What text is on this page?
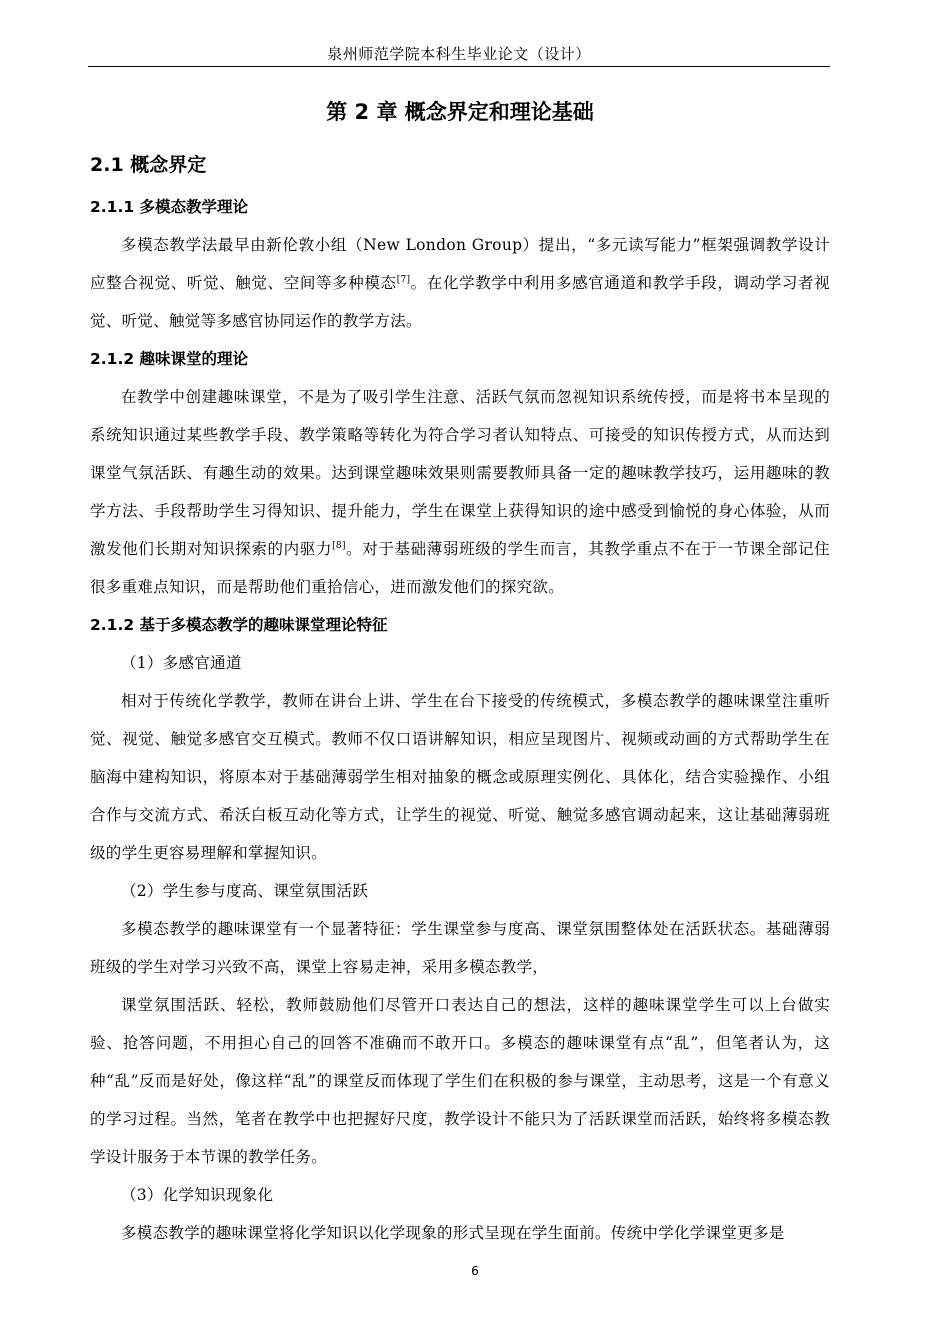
泉州师范学院本科生毕业论文（设计）
第 2 章 概念界定和理论基础
2.1 概念界定
2.1.1 多模态教学理论

多模态教学法最早由新伦敦小组（New London Group）提出，“多元读写能力”框架强调教学设计应整合视觉、听觉、触觉、空间等多种模态[7]。在化学教学中利用多感官通道和教学手段，调动学习者视觉、听觉、触觉等多感官协同运作的教学方法。

2.1.2 趣味课堂的理论

在教学中创建趣味课堂，不是为了吸引学生注意、活跃气氛而忽视知识系统传授，而是将书本呈现的系统知识通过某些教学手段、教学策略等转化为符合学习者认知特点、可接受的知识传授方式，从而达到课堂气氛活跃、有趣生动的效果。达到课堂趣味效果则需要教师具备一定的趣味教学技巧，运用趣味的教学方法、手段帮助学生习得知识、提升能力，学生在课堂上获得知识的途中感受到愉悦的身心体验，从而激发他们长期对知识探索的内驱力[8]。对于基础薄弱班级的学生而言，其教学重点不在于一节课全部记住很多重难点知识，而是帮助他们重拾信心，进而激发他们的探究欲。

2.1.2 基于多模态教学的趣味课堂理论特征

（1）多感官通道

相对于传统化学教学，教师在讲台上讲、学生在台下接受的传统模式，多模态教学的趣味课堂注重听觉、视觉、触觉多感官交互模式。教师不仅口语讲解知识，相应呈现图片、视频或动画的方式帮助学生在脑海中建构知识，将原本对于基础薄弱学生相对抽象的概念或原理实例化、具体化，结合实验操作、小组合作与交流方式、希沃白板互动化等方式，让学生的视觉、听觉、触觉多感官调动起来，这让基础薄弱班级的学生更容易理解和掌握知识。

（2）学生参与度高、课堂氛围活跃

多模态教学的趣味课堂有一个显著特征：学生课堂参与度高、课堂氛围整体处在活跃状态。基础薄弱班级的学生对学习兴致不高，课堂上容易走神，采用多模态教学，

课堂氛围活跃、轻松，教师鼓励他们尽管开口表达自己的想法，这样的趣味课堂学生可以上台做实验、抢答问题，不用担心自己的回答不准确而不敢开口。多模态的趣味课堂有点“乱”，但笔者认为，这种“乱”反而是好处，像这样“乱”的课堂反而体现了学生们在积极的参与课堂，主动思考，这是一个有意义的学习过程。当然，笔者在教学中也把握好尺度，教学设计不能只为了活跃课堂而活跃，始终将多模态教学设计服务于本节课的教学任务。

（3）化学知识现象化

多模态教学的趣味课堂将化学知识以化学现象的形式呈现在学生面前。传统中学化学课堂更多是

6
